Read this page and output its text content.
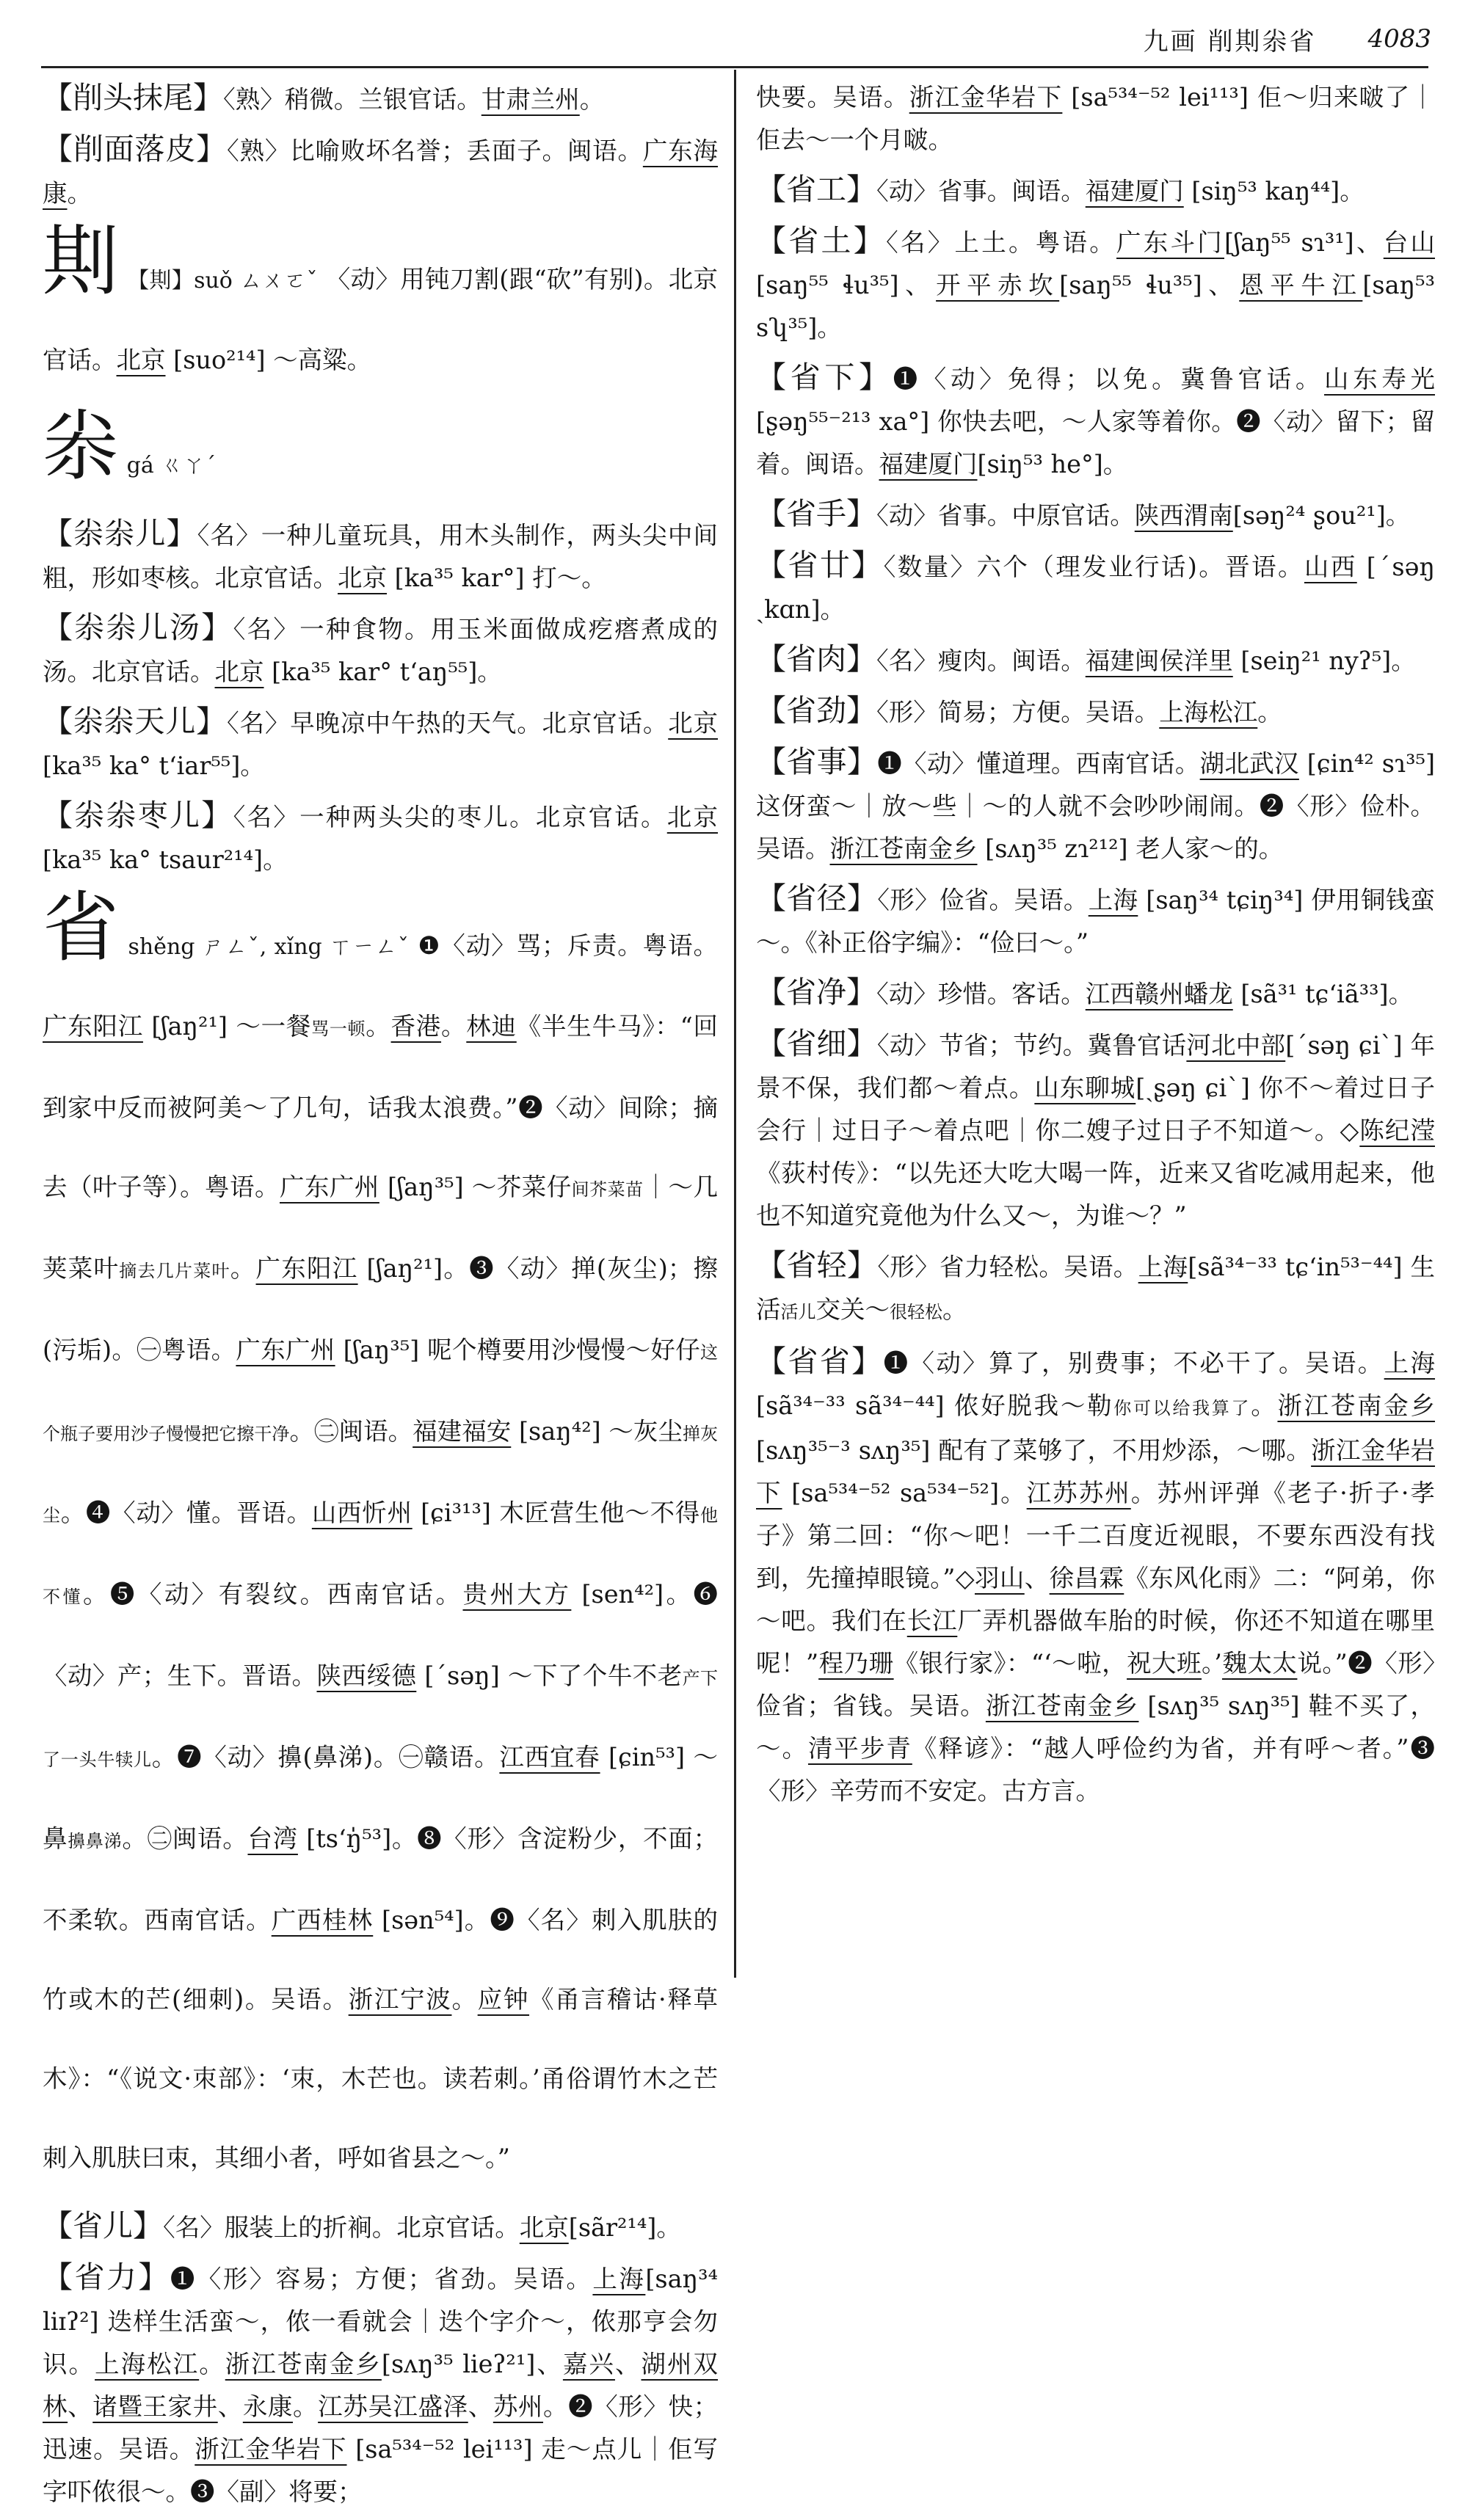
九画 削剘尜省 4083
【削头抹尾】〈熟〉稍微。兰银官话。甘肃兰州。
【削面落皮】〈熟〉比喻败坏名誉；丢面子。闽语。广东海康。
剘 【剘】suǒ ㄙㄨㄛˇ 〈动〉用钝刀割(跟“砍”有别)。北京官话。北京 [suo²¹⁴] ～高粱。
尜 gá ㄍㄚˊ
【尜尜儿】〈名〉一种儿童玩具，用木头制作，两头尖中间粗，形如枣核。北京官话。北京 [ka³⁵ kar°] 打～。
【尜尜儿汤】〈名〉一种食物。用玉米面做成疙瘩煮成的汤。北京官话。北京 [ka³⁵ kar° tʻaŋ⁵⁵]。
【尜尜天儿】〈名〉早晚凉中午热的天气。北京官话。北京 [ka³⁵ ka° tʻiar⁵⁵]。
【尜尜枣儿】〈名〉一种两头尖的枣儿。北京官话。北京 [ka³⁵ ka° tsaur²¹⁴]。
省 shěng ㄕㄥˇ, xǐng ㄒㄧㄥˇ ❶〈动〉骂；斥责。粤语。广东阳江 [ʃaŋ²¹] ～一餐骂一顿。香港。林迪《半生牛马》：“回到家中反而被阿美～了几句，话我太浪费。”❷〈动〉间除；摘去（叶子等）。粤语。广东广州 [ʃaŋ³⁵] ～芥菜仔间芥菜苗｜～几荚菜叶摘去几片菜叶。广东阳江 [ʃaŋ²¹]。❸〈动〉掸(灰尘)；擦(污垢)。㊀粤语。广东广州 [ʃaŋ³⁵] 呢个樽要用沙慢慢～好仔这个瓶子要用沙子慢慢把它擦干净。㊁闽语。福建福安 [saŋ⁴²] ～灰尘掸灰尘。❹〈动〉懂。晋语。山西忻州 [ɕi³¹³] 木匠营生他～不得他不懂。❺〈动〉有裂纹。西南官话。贵州大方 [sen⁴²]。❻〈动〉产；生下。晋语。陕西绥德 [ˊsəŋ] ～下了个牛不老产下了一头牛犊儿。❼〈动〉擤(鼻涕)。㊀赣语。江西宜春 [ɕin⁵³] ～鼻擤鼻涕。㊁闽语。台湾 [tsʻŋ̍⁵³]。❽〈形〉含淀粉少，不面；不柔软。西南官话。广西桂林 [sən⁵⁴]。❾〈名〉刺入肌肤的竹或木的芒(细刺)。吴语。浙江宁波。应钟《甬言稽诂·释草木》：“《说文·朿部》：‘朿，木芒也。读若刺。’甬俗谓竹木之芒刺入肌肤曰朿，其细小者，呼如省县之～。”
【省儿】〈名〉服装上的折裥。北京官话。北京[sãr²¹⁴]。
【省力】❶〈形〉容易；方便；省劲。吴语。上海[saŋ³⁴ liɪʔ²] 迭样生活蛮～，侬一看就会｜迭个字介～，侬那亨会勿识。上海松江。浙江苍南金乡[sʌŋ³⁵ lieʔ²¹]、嘉兴、湖州双林、诸暨王家井、永康。江苏吴江盛泽、苏州。❷〈形〉快；迅速。吴语。浙江金华岩下 [sa⁵³⁴⁻⁵² lei¹¹³] 走～点儿｜佢写字吓侬很～。❸〈副〉将要；
快要。吴语。浙江金华岩下 [sa⁵³⁴⁻⁵² lei¹¹³] 佢～归来啵了｜佢去～一个月啵。
【省工】〈动〉省事。闽语。福建厦门 [siŋ⁵³ kaŋ⁴⁴]。
【省土】〈名〉上土。粤语。广东斗门[ʃaŋ⁵⁵ sɿ³¹]、台山[saŋ⁵⁵ ɬu³⁵]、开平赤坎[saŋ⁵⁵ ɬu³⁵]、恩平牛江[saŋ⁵³ sʮ³⁵]。
【省下】❶〈动〉免得；以免。冀鲁官话。山东寿光 [ʂəŋ⁵⁵⁻²¹³ xa°] 你快去吧，～人家等着你。❷〈动〉留下；留着。闽语。福建厦门[siŋ⁵³ he°]。
【省手】〈动〉省事。中原官话。陕西渭南[səŋ²⁴ ʂou²¹]。
【省廿】〈数量〉六个（理发业行话)。晋语。山西 [ˊsəŋ ˏkɑn]。
【省肉】〈名〉瘦肉。闽语。福建闽侯洋里 [seiŋ²¹ nyʔ⁵]。
【省劲】〈形〉简易；方便。吴语。上海松江。
【省事】❶〈动〉懂道理。西南官话。湖北武汉 [ɕin⁴² sɿ³⁵] 这伢蛮～｜放～些｜～的人就不会吵吵闹闹。❷〈形〉俭朴。吴语。浙江苍南金乡 [sʌŋ³⁵ zɿ²¹²] 老人家～的。
【省径】〈形〉俭省。吴语。上海 [saŋ³⁴ tɕiŋ³⁴] 伊用铜钱蛮～。《补正俗字编》：“俭曰～。”
【省净】〈动〉珍惜。客话。江西赣州蟠龙 [sã³¹ tɕʻiã³³]。
【省细】〈动〉节省；节约。冀鲁官话河北中部[ˊsəŋ ɕiˋ] 年景不保，我们都～着点。山东聊城[ˏʂəŋ ɕiˋ] 你不～着过日子会行｜过日子～着点吧｜你二嫂子过日子不知道～。◇陈纪滢《荻村传》：“以先还大吃大喝一阵，近来又省吃减用起来，他也不知道究竟他为什么又～，为谁～？”
【省轻】〈形〉省力轻松。吴语。上海[sã³⁴⁻³³ tɕʻin⁵³⁻⁴⁴] 生活活儿交关～很轻松。
【省省】❶〈动〉算了，别费事；不必干了。吴语。上海 [sã³⁴⁻³³ sã³⁴⁻⁴⁴] 侬好脱我～勒你可以给我算了。浙江苍南金乡 [sʌŋ³⁵⁻³ sʌŋ³⁵] 配有了菜够了，不用炒添，～哪。浙江金华岩下 [sa⁵³⁴⁻⁵² sa⁵³⁴⁻⁵²]。江苏苏州。苏州评弹《老子·折子·孝子》第二回：“你～吧！一千二百度近视眼，不要东西没有找到，先撞掉眼镜。”◇羽山、徐昌霖《东风化雨》二：“阿弟，你～吧。我们在长江厂弄机器做车胎的时候，你还不知道在哪里呢！”程乃珊《银行家》：“‘～啦，祝大班。’魏太太说。”❷〈形〉俭省；省钱。吴语。浙江苍南金乡 [sʌŋ³⁵ sʌŋ³⁵] 鞋不买了，～。清平步青《释谚》：“越人呼俭约为省，并有呼～者。”❸〈形〉辛劳而不安定。古方言。
